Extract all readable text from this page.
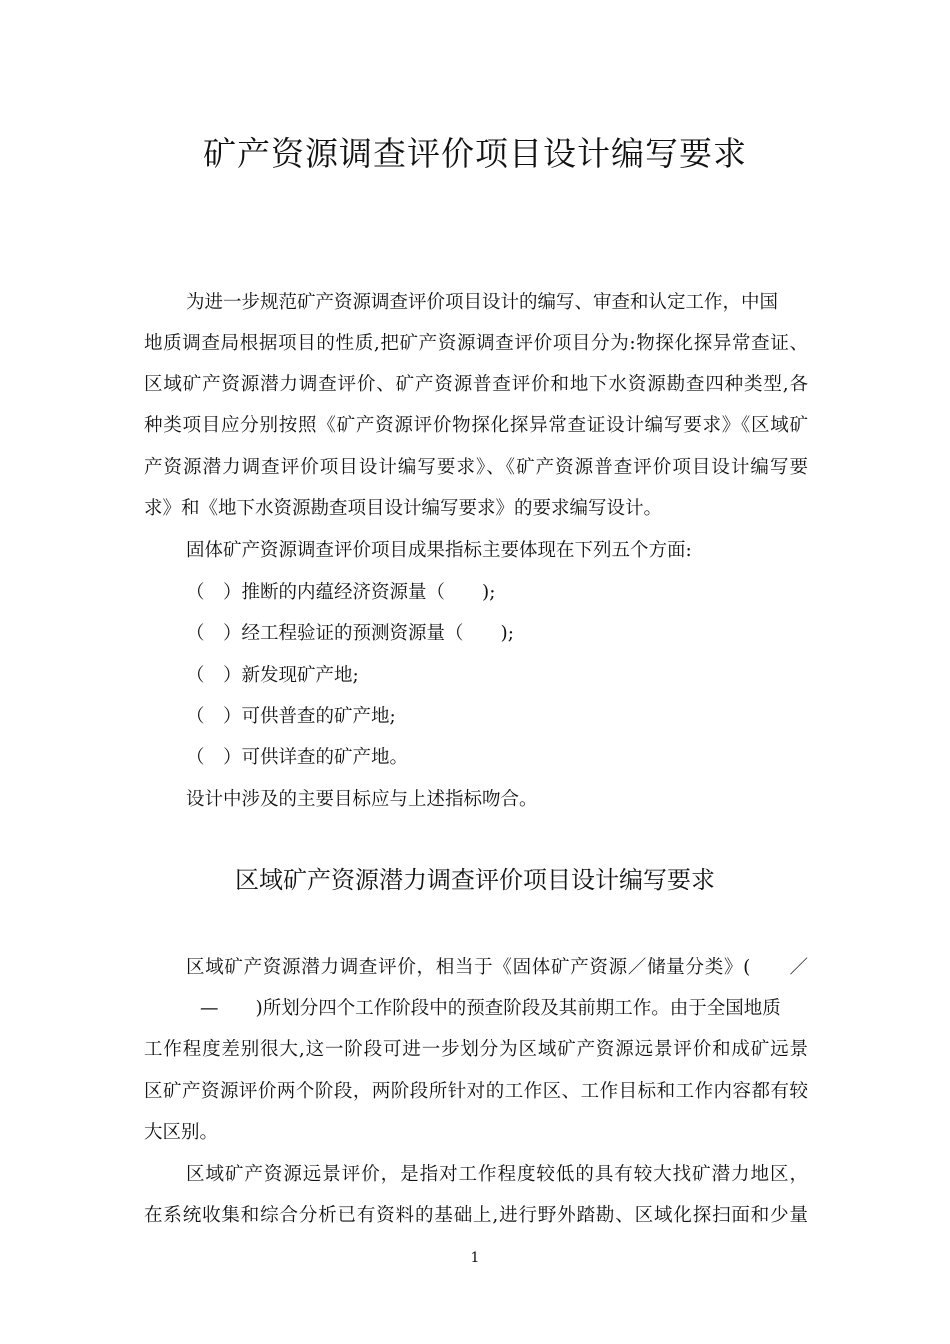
矿产资源调查评价项目设计编写要求
为进一步规范矿产资源调查评价项目设计的编写、审查和认定工作，中国
地质调查局根据项目的性质,把矿产资源调查评价项目分为:物探化探异常查证、
区域矿产资源潜力调查评价、矿产资源普查评价和地下水资源勘查四种类型,各
种类项目应分别按照《矿产资源评价物探化探异常查证设计编写要求》《区域矿
产资源潜力调查评价项目设计编写要求》、《矿产资源普查评价项目设计编写要
求》和《地下水资源勘查项目设计编写要求》的要求编写设计。
固体矿产资源调查评价项目成果指标主要体现在下列五个方面:
（　）推断的内蕴经济资源量（　　);
（　）经工程验证的预测资源量（　　);
（　）新发现矿产地;
（　）可供普查的矿产地;
（　）可供详查的矿产地。
设计中涉及的主要目标应与上述指标吻合。
区域矿产资源潜力调查评价项目设计编写要求
区域矿产资源潜力调查评价，相当于《固体矿产资源／储量分类》(　　／
—　　)所划分四个工作阶段中的预查阶段及其前期工作。由于全国地质
工作程度差别很大,这一阶段可进一步划分为区域矿产资源远景评价和成矿远景
区矿产资源评价两个阶段，两阶段所针对的工作区、工作目标和工作内容都有较
大区别。
区域矿产资源远景评价，是指对工作程度较低的具有较大找矿潜力地区，
在系统收集和综合分析已有资料的基础上,进行野外踏勘、区域化探扫面和少量
1
